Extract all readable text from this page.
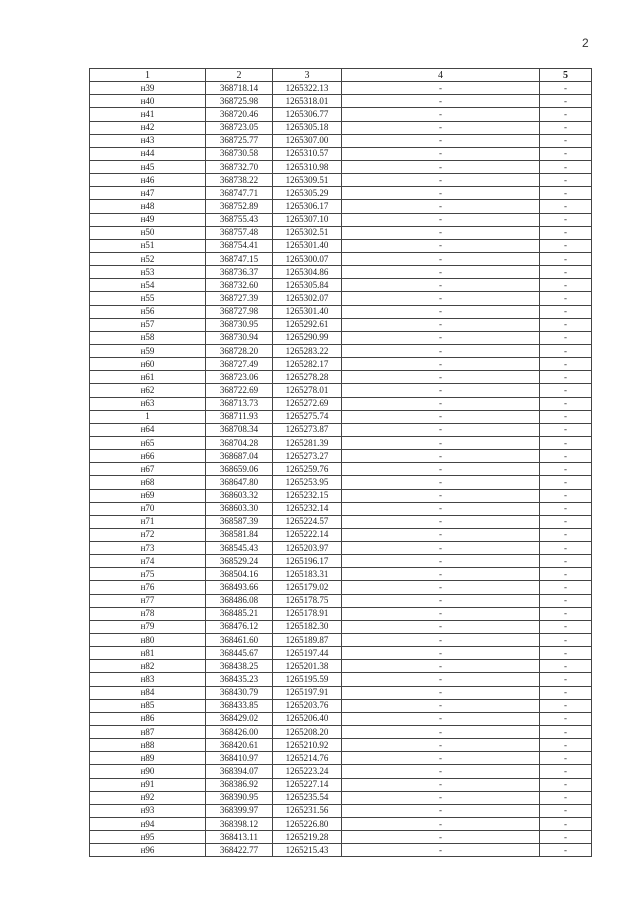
2
1	2	3	4	5
н39	368718.14	1265322.13	-	-
н40	368725.98	1265318.01	-	-
н41	368720.46	1265306.77	-	-
н42	368723.05	1265305.18	-	-
н43	368725.77	1265307.00	-	-
н44	368730.58	1265310.57	-	-
н45	368732.70	1265310.98	-	-
н46	368738.22	1265309.51	-	-
н47	368747.71	1265305.29	-	-
н48	368752.89	1265306.17	-	-
н49	368755.43	1265307.10	-	-
н50	368757.48	1265302.51	-	-
н51	368754.41	1265301.40	-	-
н52	368747.15	1265300.07	-	-
н53	368736.37	1265304.86	-	-
н54	368732.60	1265305.84	-	-
н55	368727.39	1265302.07	-	-
н56	368727.98	1265301.40	-	-
н57	368730.95	1265292.61	-	-
н58	368730.94	1265290.99	-	-
н59	368728.20	1265283.22	-	-
н60	368727.49	1265282.17	-	-
н61	368723.06	1265278.28	-	-
н62	368722.69	1265278.01	-	-
н63	368713.73	1265272.69	-	-
1	368711.93	1265275.74	-	-
н64	368708.34	1265273.87	-	-
н65	368704.28	1265281.39	-	-
н66	368687.04	1265273.27	-	-
н67	368659.06	1265259.76	-	-
н68	368647.80	1265253.95	-	-
н69	368603.32	1265232.15	-	-
н70	368603.30	1265232.14	-	-
н71	368587.39	1265224.57	-	-
н72	368581.84	1265222.14	-	-
н73	368545.43	1265203.97	-	-
н74	368529.24	1265196.17	-	-
н75	368504.16	1265183.31	-	-
н76	368493.66	1265179.02	-	-
н77	368486.08	1265178.75	-	-
н78	368485.21	1265178.91	-	-
н79	368476.12	1265182.30	-	-
н80	368461.60	1265189.87	-	-
н81	368445.67	1265197.44	-	-
н82	368438.25	1265201.38	-	-
н83	368435.23	1265195.59	-	-
н84	368430.79	1265197.91	-	-
н85	368433.85	1265203.76	-	-
н86	368429.02	1265206.40	-	-
н87	368426.00	1265208.20	-	-
н88	368420.61	1265210.92	-	-
н89	368410.97	1265214.76	-	-
н90	368394.07	1265223.24	-	-
н91	368386.92	1265227.14	-	-
н92	368390.95	1265235.54	-	-
н93	368399.97	1265231.56	-	-
н94	368398.12	1265226.80	-	-
н95	368413.11	1265219.28	-	-
н96	368422.77	1265215.43	-	-
